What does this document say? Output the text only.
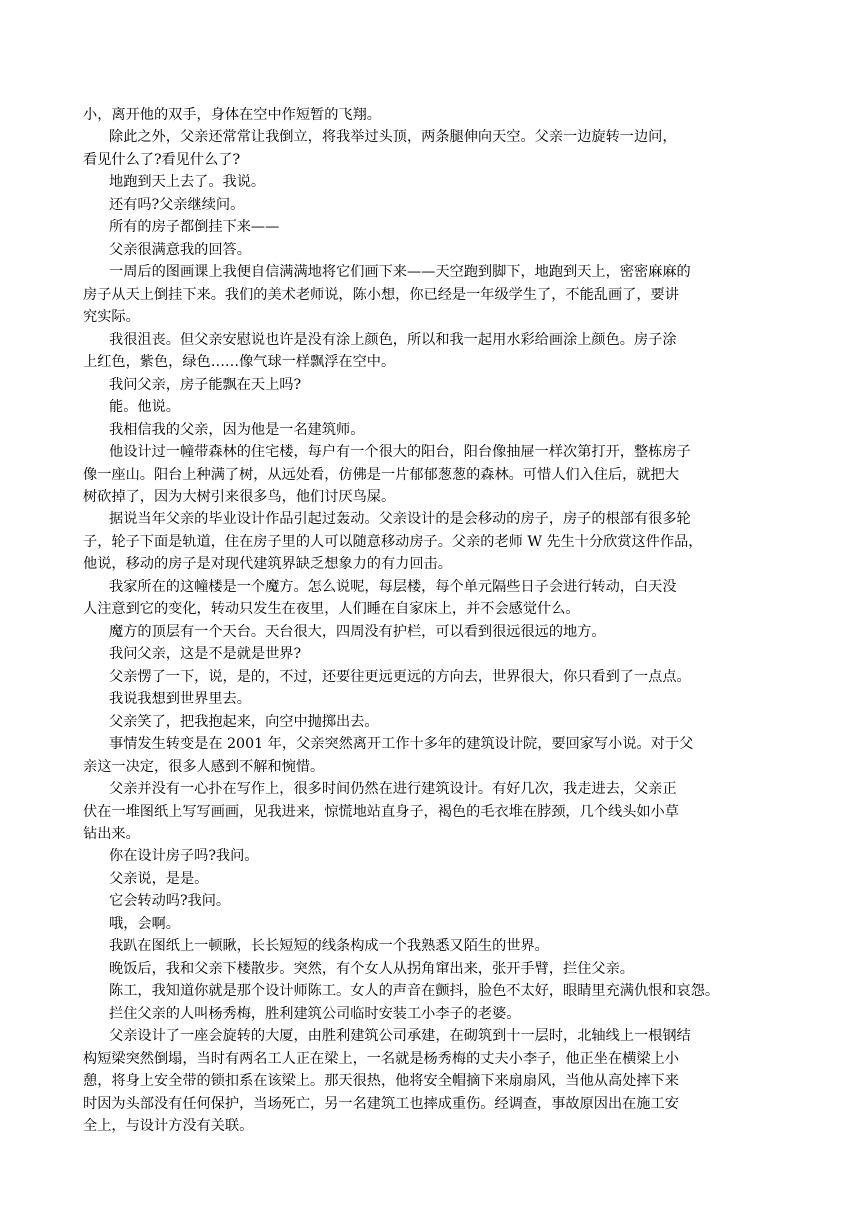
小，离开他的双手，身体在空中作短暂的飞翔。
除此之外，父亲还常常让我倒立，将我举过头顶，两条腿伸向天空。父亲一边旋转一边问，
看见什么了?看见什么了?
地跑到天上去了。我说。
还有吗?父亲继续问。
所有的房子都倒挂下来——
父亲很满意我的回答。
一周后的图画课上我便自信满满地将它们画下来——天空跑到脚下，地跑到天上，密密麻麻的
房子从天上倒挂下来。我们的美术老师说，陈小想，你已经是一年级学生了，不能乱画了，要讲
究实际。
我很沮丧。但父亲安慰说也许是没有涂上颜色，所以和我一起用水彩给画涂上颜色。房子涂
上红色，紫色，绿色……像气球一样飘浮在空中。
我问父亲，房子能飘在天上吗?
能。他说。
我相信我的父亲，因为他是一名建筑师。
他设计过一幢带森林的住宅楼，每户有一个很大的阳台，阳台像抽屉一样次第打开，整栋房子
像一座山。阳台上种满了树，从远处看，仿佛是一片郁郁葱葱的森林。可惜人们入住后，就把大
树砍掉了，因为大树引来很多鸟，他们讨厌鸟屎。
据说当年父亲的毕业设计作品引起过轰动。父亲设计的是会移动的房子，房子的根部有很多轮
子，轮子下面是轨道，住在房子里的人可以随意移动房子。父亲的老师 W 先生十分欣赏这件作品，
他说，移动的房子是对现代建筑界缺乏想象力的有力回击。
我家所在的这幢楼是一个魔方。怎么说呢，每层楼，每个单元隔些日子会进行转动，白天没
人注意到它的变化，转动只发生在夜里，人们睡在自家床上，并不会感觉什么。
魔方的顶层有一个天台。天台很大，四周没有护栏，可以看到很远很远的地方。
我问父亲，这是不是就是世界?
父亲愣了一下，说，是的，不过，还要往更远更远的方向去，世界很大，你只看到了一点点。
我说我想到世界里去。
父亲笑了，把我抱起来，向空中抛掷出去。
事情发生转变是在 2001 年，父亲突然离开工作十多年的建筑设计院，要回家写小说。对于父
亲这一决定，很多人感到不解和惋惜。
父亲并没有一心扑在写作上，很多时间仍然在进行建筑设计。有好几次，我走进去，父亲正
伏在一堆图纸上写写画画，见我进来，惊慌地站直身子，褐色的毛衣堆在脖颈，几个线头如小草
钻出来。
你在设计房子吗?我问。
父亲说，是是。
它会转动吗?我问。
哦，会啊。
我趴在图纸上一顿瞅，长长短短的线条构成一个我熟悉又陌生的世界。
晚饭后，我和父亲下楼散步。突然，有个女人从拐角窜出来，张开手臂，拦住父亲。
陈工，我知道你就是那个设计师陈工。女人的声音在颤抖，脸色不太好，眼睛里充满仇恨和哀怨。
拦住父亲的人叫杨秀梅，胜利建筑公司临时安装工小李子的老婆。
父亲设计了一座会旋转的大厦，由胜利建筑公司承建，在砌筑到十一层时，北轴线上一根钢结
构短梁突然倒塌，当时有两名工人正在梁上，一名就是杨秀梅的丈夫小李子，他正坐在横梁上小
憩，将身上安全带的锁扣系在该梁上。那天很热，他将安全帽摘下来扇扇风，当他从高处摔下来
时因为头部没有任何保护，当场死亡，另一名建筑工也摔成重伤。经调查，事故原因出在施工安
全上，与设计方没有关联。
